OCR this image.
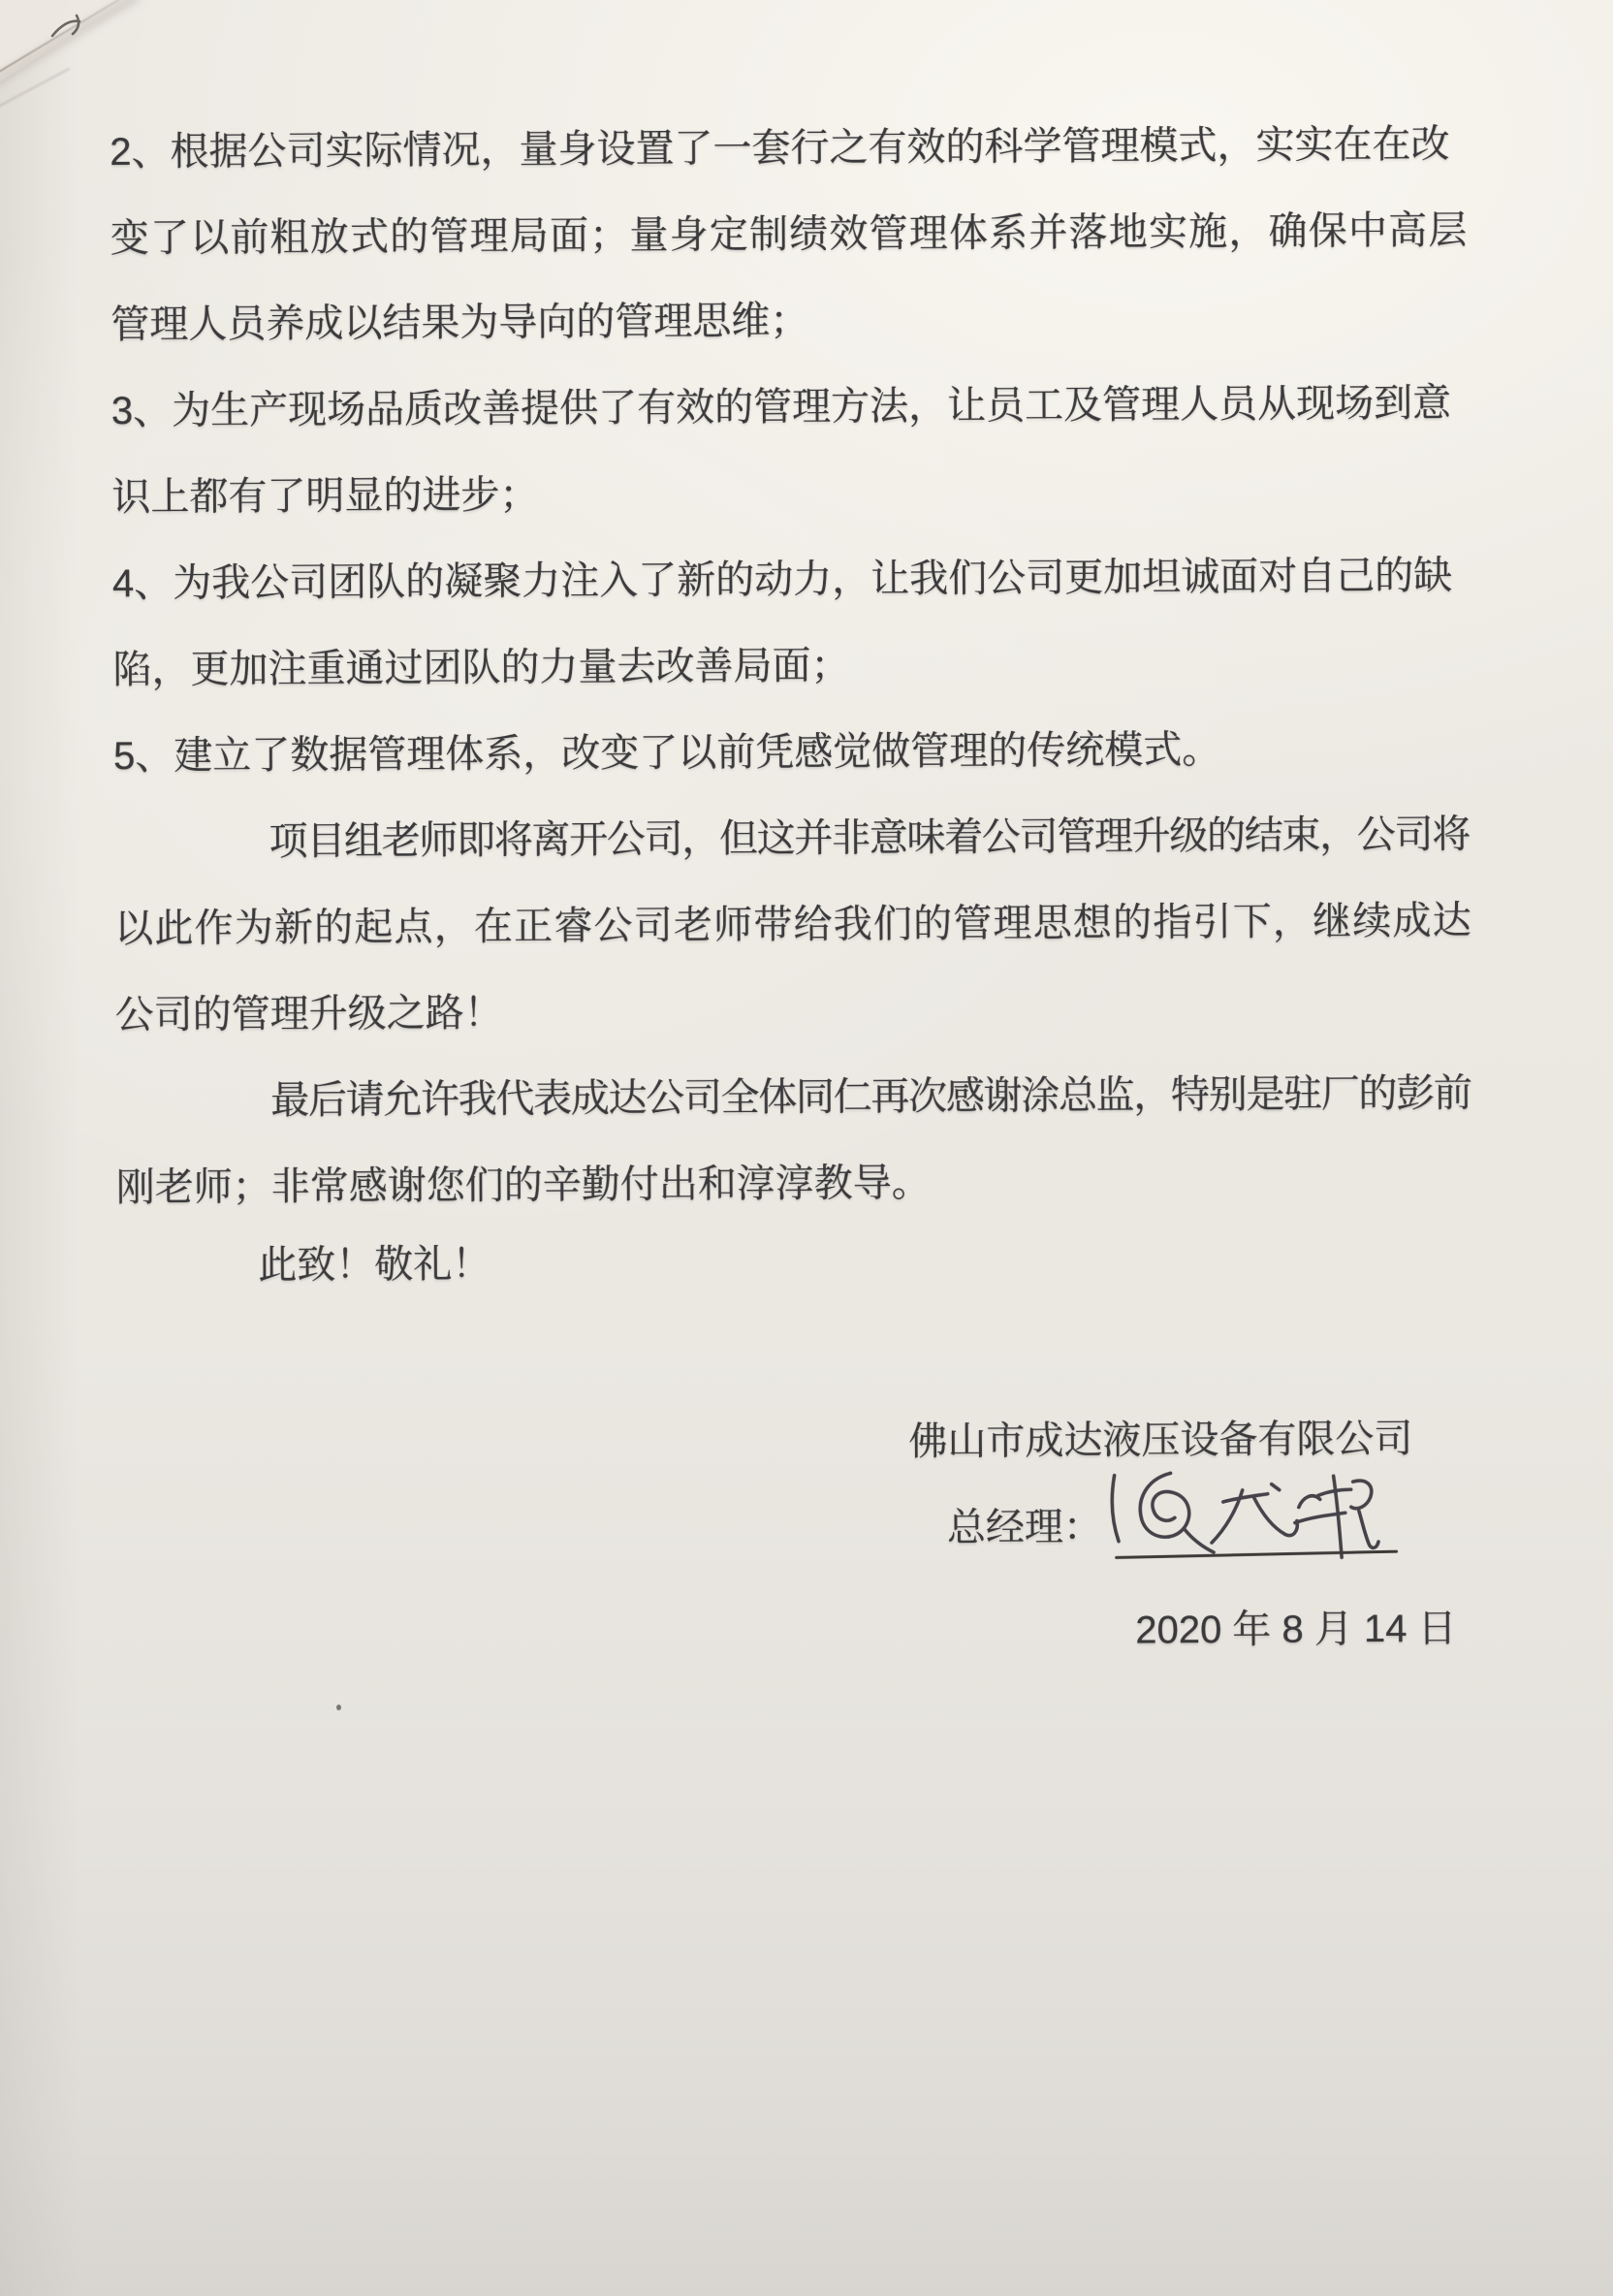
2、根据公司实际情况，量身设置了一套行之有效的科学管理模式，实实在在改
变了以前粗放式的管理局面；量身定制绩效管理体系并落地实施，确保中高层
管理人员养成以结果为导向的管理思维；
3、为生产现场品质改善提供了有效的管理方法，让员工及管理人员从现场到意
识上都有了明显的进步；
4、为我公司团队的凝聚力注入了新的动力，让我们公司更加坦诚面对自己的缺
陷，更加注重通过团队的力量去改善局面；
5、建立了数据管理体系，改变了以前凭感觉做管理的传统模式。
项目组老师即将离开公司，但这并非意味着公司管理升级的结束，公司将
以此作为新的起点，在正睿公司老师带给我们的管理思想的指引下，继续成达
公司的管理升级之路！
最后请允许我代表成达公司全体同仁再次感谢涂总监，特别是驻厂的彭前
刚老师；非常感谢您们的辛勤付出和淳淳教导。
此致！敬礼！
佛山市成达液压设备有限公司
总经理：
2020 年 8 月 14 日
